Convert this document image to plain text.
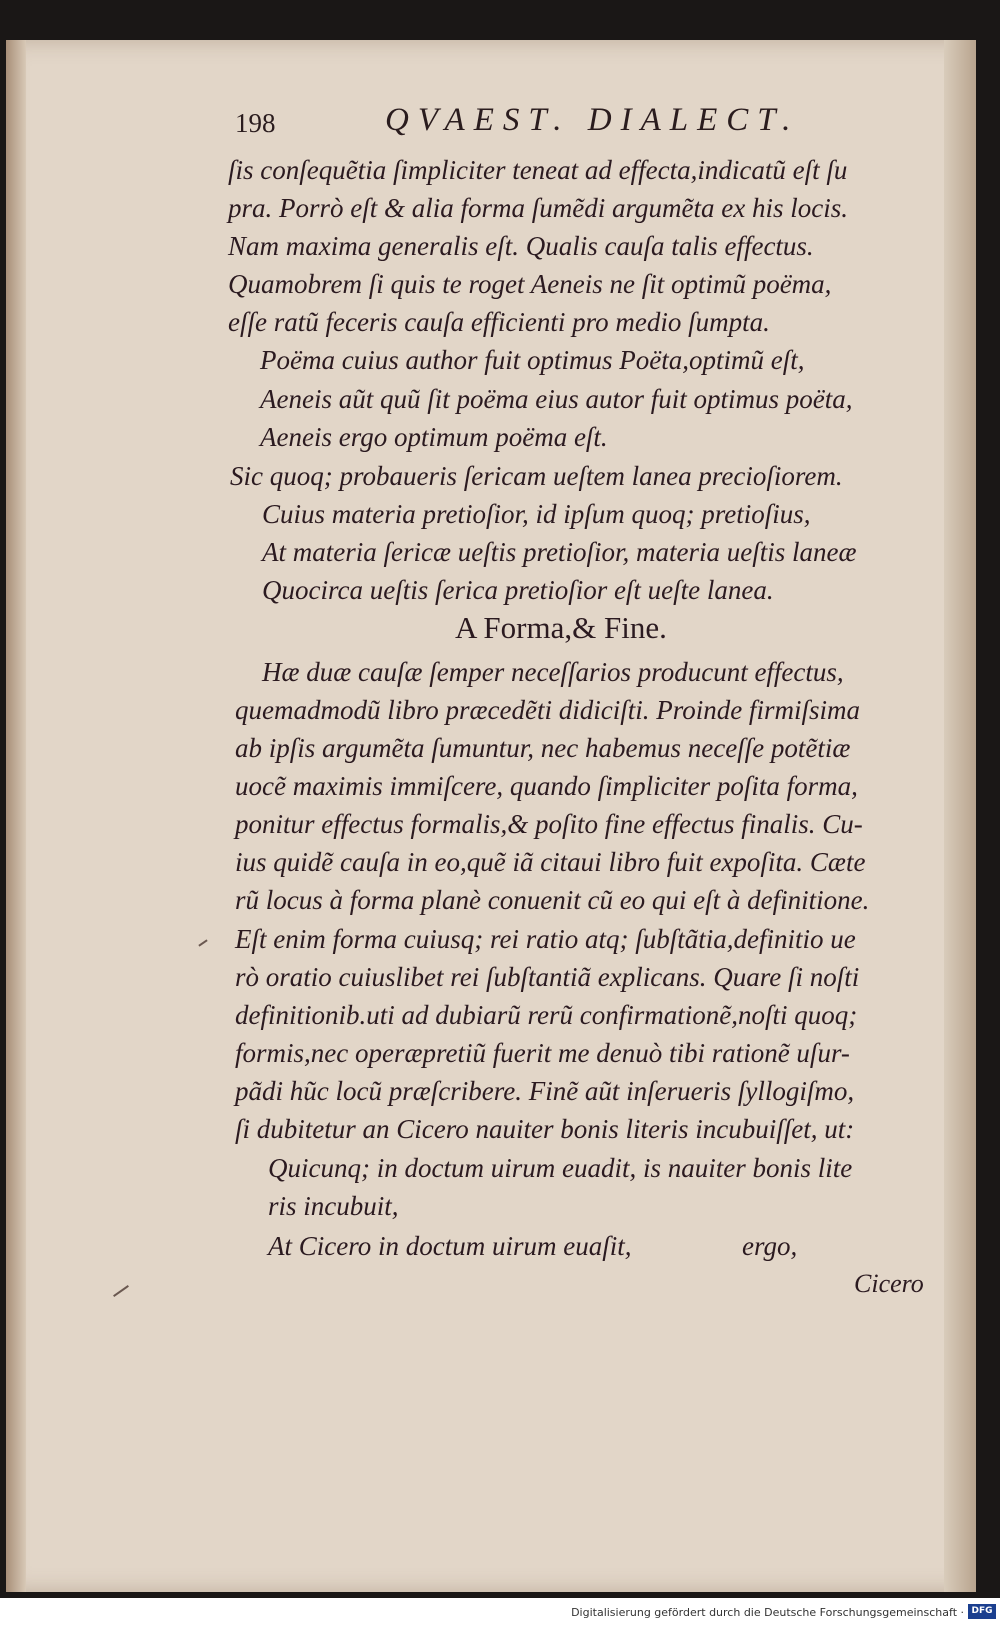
198	QVAEST. DIALECT.
ſis conſequẽtia ſimpliciter teneat ad effecta,indicatũ eſt ſu
pra. Porrò eſt & alia forma ſumẽdi argumẽta ex his locis.
Nam maxima generalis eſt. Qualis cauſa talis effectus.
Quamobrem ſi quis te roget Aeneis ne ſit optimũ poëma,
eſſe ratũ feceris cauſa efficienti pro medio ſumpta.
Poëma cuius author fuit optimus Poëta,optimũ eſt,
Aeneis aũt quũ ſit poëma eius autor fuit optimus poëta,
Aeneis ergo optimum poëma eſt.
Sic quoq; probaueris ſericam ueſtem lanea precioſiorem.
Cuius materia pretioſior, id ipſum quoq; pretioſius,
At materia ſericæ ueſtis pretioſior, materia ueſtis laneæ
Quocirca ueſtis ſerica pretioſior eſt ueſte lanea.
A Forma,& Fine.
Hæ duæ cauſæ ſemper neceſſarios producunt effectus,
quemadmodũ libro præcedẽti didiciſti. Proinde firmiſsima
ab ipſis argumẽta ſumuntur, nec habemus neceſſe potẽtiæ
uocẽ maximis immiſcere, quando ſimpliciter poſita forma,
ponitur effectus formalis,& poſito fine effectus finalis. Cu-
ius quidẽ cauſa in eo,quẽ iã citaui libro fuit expoſita. Cæte
rũ locus à forma planè conuenit cũ eo qui eſt à definitione.
Eſt enim forma cuiusq; rei ratio atq; ſubſtãtia,definitio ue
rò oratio cuiuslibet rei ſubſtantiã explicans. Quare ſi noſti
definitionib.uti ad dubiarũ rerũ confirmationẽ,noſti quoq;
formis,nec operæpretiũ fuerit me denuò tibi rationẽ uſur-
pãdi hũc locũ præſcribere. Finẽ aũt inſerueris ſyllogiſmo,
ſi dubitetur an Cicero nauiter bonis literis incubuiſſet, ut:
Quicunq; in doctum uirum euadit, is nauiter bonis lite
ris incubuit,
At Cicero in doctum uirum euaſit,	ergo,
Cicero
Digitalisierung gefördert durch die Deutsche Forschungsgemeinschaft · DFG
